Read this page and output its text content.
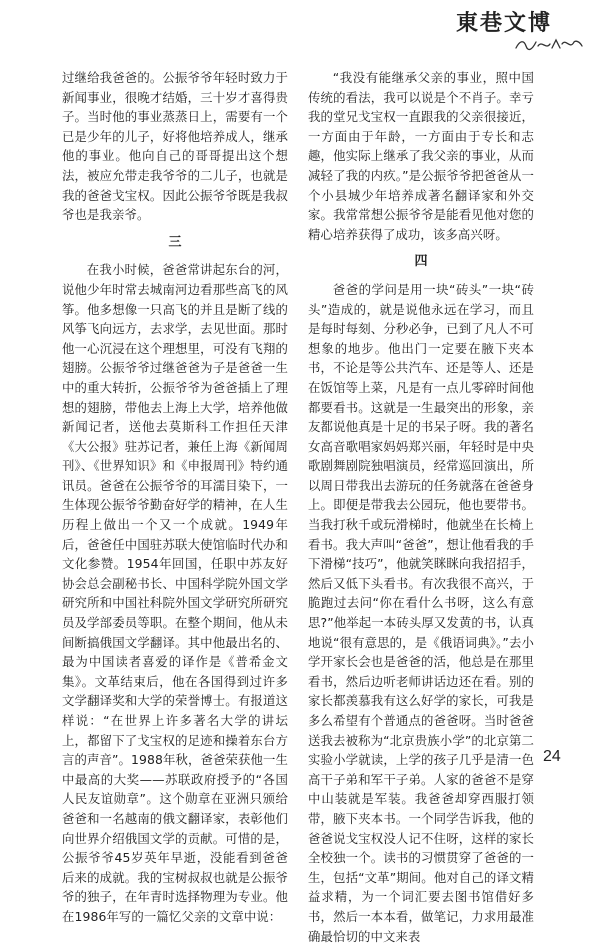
東巷文博

过继给我爸爸的。公振爷爷年轻时致力于新闻事业，很晚才结婚，三十岁才喜得贵子。当时他的事业蒸蒸日上，需要有一个已是少年的儿子，好将他培养成人，继承他的事业。他向自己的哥哥提出这个想法，被应允带走我爷爷的二儿子，也就是我的爸爸戈宝权。因此公振爷爷既是我叔爷也是我亲爷。

三

在我小时候，爸爸常讲起东台的河，说他少年时常去城南河边看那些高飞的风筝。他多想像一只高飞的并且是断了线的风筝飞向远方，去求学，去见世面。那时他一心沉浸在这个理想里，可没有飞翔的翅膀。公振爷爷过继爸爸为子是爸爸一生中的重大转折，公振爷爷为爸爸插上了理想的翅膀，带他去上海上大学，培养他做新闻记者，送他去莫斯科工作担任天津《大公报》驻苏记者，兼任上海《新闻周刊》、《世界知识》和《申报周刊》特约通讯员。爸爸在公振爷爷的耳濡目染下，一生体现公振爷爷勤奋好学的精神，在人生历程上做出一个又一个成就。1949年后，爸爸任中国驻苏联大使馆临时代办和文化参赞。1954年回国，任职中苏友好协会总会副秘书长、中国科学院外国文学研究所和中国社科院外国文学研究所研究员及学部委员等职。在整个期间，他从未间断搞俄国文学翻译。其中他最出名的、最为中国读者喜爱的译作是《普希金文集》。文革结束后，他在各国得到过许多文学翻译奖和大学的荣誉博士。有报道这样说：“在世界上许多著名大学的讲坛上，都留下了戈宝权的足迹和操着东台方言的声音”。1988年秋，爸爸荣获他一生中最高的大奖——苏联政府授予的“各国人民友谊勋章”。这个勋章在亚洲只颁给爸爸和一名越南的俄文翻译家，表彰他们向世界介绍俄国文学的贡献。可惜的是，公振爷爷45岁英年早逝，没能看到爸爸后来的成就。我的宝树叔叔也就是公振爷爷的独子，在年青时选择物理为专业。他在1986年写的一篇忆父亲的文章中说：

“我没有能继承父亲的事业，照中国传统的看法，我可以说是个不肖子。幸亏我的堂兄戈宝权一直跟我的父亲很接近，一方面由于年龄，一方面由于专长和志趣，他实际上继承了我父亲的事业，从而减轻了我的内疚。”是公振爷爷把爸爸从一个小县城少年培养成著名翻译家和外交家。我常常想公振爷爷是能看见他对您的精心培养获得了成功，该多高兴呀。

四

爸爸的学问是用一块“砖头”一块“砖头”造成的，就是说他永远在学习，而且是每时每刻、分秒必争，已到了凡人不可想象的地步。他出门一定要在腋下夹本书，不论是等公共汽车、还是等人、还是在饭馆等上菜，凡是有一点儿零碎时间他都要看书。这就是一生最突出的形象，亲友都说他真是十足的书呆子呀。我的著名女高音歌唱家妈妈郑兴丽，年轻时是中央歌剧舞剧院独唱演员，经常巡回演出，所以周日带我出去游玩的任务就落在爸爸身上。即便是带我去公园玩，他也要带书。当我打秋千或玩滑梯时，他就坐在长椅上看书。我大声叫“爸爸”，想让他看我的手下滑梯“技巧”，他就笑眯眯向我招招手，然后又低下头看书。有次我很不高兴，于脆跑过去问“你在看什么书呀，这么有意思?”他举起一本砖头厚又发黄的书，认真地说“很有意思的，是《俄语词典》。”去小学开家长会也是爸爸的活，他总是在那里看书，然后边听老师讲话边还在看。别的家长都羡慕我有这么好学的家长，可我是多么希望有个普通点的爸爸呀。当时爸爸送我去被称为“北京贵族小学”的北京第二实验小学就读，上学的孩子几乎是清一色高干子弟和军干子弟。人家的爸爸不是穿中山装就是军装。我爸爸却穿西服打领带，腋下夹本书。一个同学告诉我，他的爸爸说戈宝权没人记不住呀，这样的家长全校独一个。读书的习惯贯穿了爸爸的一生，包括“文革”期间。他对自己的译文精益求精，为一个词汇要去图书馆借好多书，然后一本本看，做笔记，力求用最准确最恰切的中文来表

24
